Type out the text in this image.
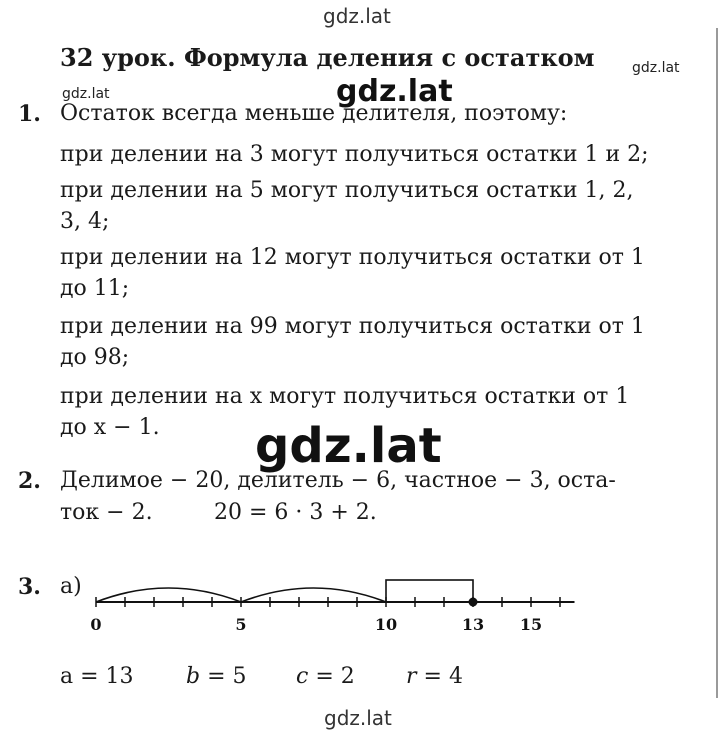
gdz.lat
32 урок. Формула деления с остатком	gdz.lat
gdz.lat	gdz.lat
1. Остаток всегда меньше делителя, поэтому:
при делении на 3 могут получиться остатки 1 и 2;
при делении на 5 могут получиться остатки 1, 2,
3, 4;
при делении на 12 могут получиться остатки от 1
до 11;
при делении на 99 могут получиться остатки от 1
до 98;
при делении на x могут получиться остатки от 1
до x − 1. gdz.lat
2. Делимое − 20, делитель − 6, частное − 3, оста-
ток − 2.	20 = 6 · 3 + 2.
3. а)
0	5	10	13 15
a = 13 b = 5 c = 2 r = 4
gdz.lat
